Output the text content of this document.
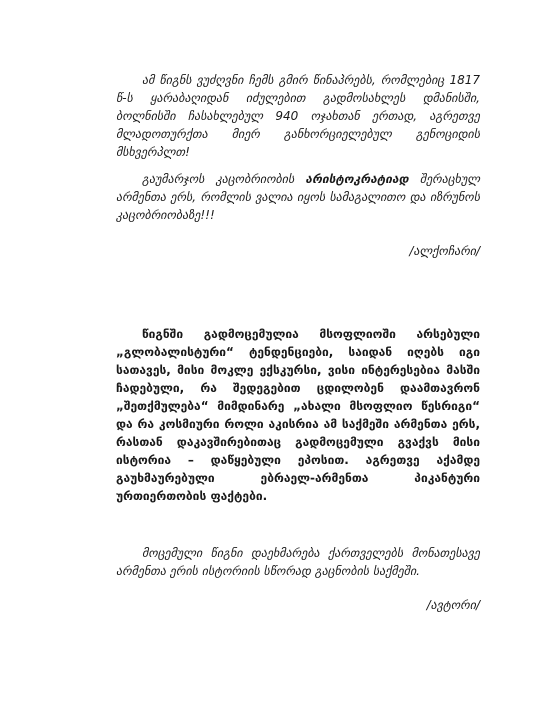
ამ წიგნს ვუძღვნი ჩემს გმირ წინაპრებს, რომლებიც 1817 წ-ს ყარაბაღიდან იძულებით გადმოსახლეს დმანისში, ბოლნისში ჩასახლებულ 940 ოჯახთან ერთად, აგრეთვე მლადოთურქთა მიერ განხორციელებულ გენოციდის მსხვერპლთ!

გაუმარჯოს კაცობრიობის არისტოკრატიად შერაცხულ არმენთა ერს, რომლის ვალია იყოს სამაგალითო და იზრუნოს კაცობრიობაზე!!!

/ალქოჩარი/

წიგნში გადმოცემულია მსოფლიოში არსებული „გლობალისტური“ ტენდენციები, საიდან იღებს იგი სათავეს, მისი მოკლე ექსკურსი, ვისი ინტერესებია მასში ჩადებული, რა შედეგებით ცდილობენ დაამთავრონ „შეთქმულება“ მიმდინარე „ახალი მსოფლიო წესრიგი“ და რა კოსმიური როლი აკისრია ამ საქმეში არმენთა ერს, რასთან დაკავშირებითაც გადმოცემული გვაქვს მისი ისტორია – დაწყებული ეპოსით. აგრეთვე აქამდე გაუხმაურებული ებრაელ-არმენთა პიკანტური ურთიერთობის ფაქტები.

მოცემული წიგნი დაეხმარება ქართველებს მონათესავე არმენთა ერის ისტორიის სწორად გაცნობის საქმეში.

/ავტორი/
